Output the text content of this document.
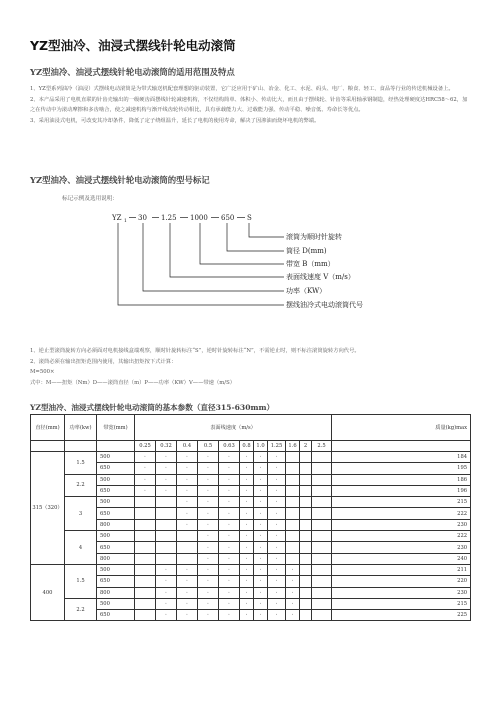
YZ型油冷、油浸式摆线针轮电动滚筒
YZ型油冷、油浸式摆线针轮电动滚筒的适用范围及特点

1、YZ型系列油冷（油浸）式摆线电动滚筒是为带式输送机配套理想的驱动装置，它广泛应用于矿山、冶金、化工、水泥、码头、电厂、粮食、轻工、食品等行业的传送机械设备上。

2、本产品采用了电机直联的针齿壳输出的一级硬齿面摆线针轮减速机构，不仅结构简单、体积小、传动比大，而且由于摆线轮、针齿等采用轴承钢制造，经热处理硬度达HRC58～62，加之在传动中为滚动摩擦和多齿啮合，使之减速机构与渐开线齿轮传动相比，具有承载能力大、过载能力强、传动平稳、噪音低、寿命长等优点。

3、采用油浸式电机，可改变其冷却条件，降低了定子绕组温升，延长了电机的使用寿命，解决了因渗油而烧坏电机的弊端。

YZ型油冷、油浸式摆线针轮电动滚筒的型号标记
标记示例及选用说明：
YZ 1 30 1.25 1000 650 S
滚筒为顺时针旋转
筒径 D(mm)
带宽 B（mm）
表面线速度 V（m/s）
功率（KW）
摆线油冷式电动滚筒代号

1、逆止型滚筒旋转方向必须面对电机接线盒端观察，顺时针旋转标注“S”，逆时针旋转标注“N”，不需逆止时，则不标注滚筒旋转方向代号。

2、滚筒必须在输出扭矩范围内使用，其输出扭矩按下式计算：

M=500×

式中：M——扭矩（Nm）D——滚筒直径（m）P——功率（KW）V——带速（m/S）

YZ型油冷、油浸式摆线针轮电动滚筒的基本参数（直径315-630mm）
直径(mm)	功率(kw)	带宽(mm)	表面线速度（m/s）											质量(kg)max
			0.25	0.32	0.4	0.5	0.63	0.8	1.0	1.25	1.6	2	2.5	
315（320）	1.5	500	·	·	·	·	·	·	·	·				184
		650	·	·	·	·	·	·	·	·				195
	2.2	500	·	·	·	·	·	·	·	·				186
		650	·	·	·	·	·	·	·	·				196
	3	500			·	·	·	·	·	·				215
		650			·	·	·	·	·	·				222
		800			·	·	·	·	·	·				230
	4	500				·	·	·	·	·				222
		650				·	·	·	·	·				230
		800				·	·	·	·	·				240
400	1.5	500		·	·	·	·	·	·	·	·			211
		650		·	·	·	·	·	·	·	·			220
		800		·	·	·	·	·	·	·	·			230
	2.2	500		·	·	·	·	·	·	·	·			215
		650		·	·	·	·	·	·	·	·			225
